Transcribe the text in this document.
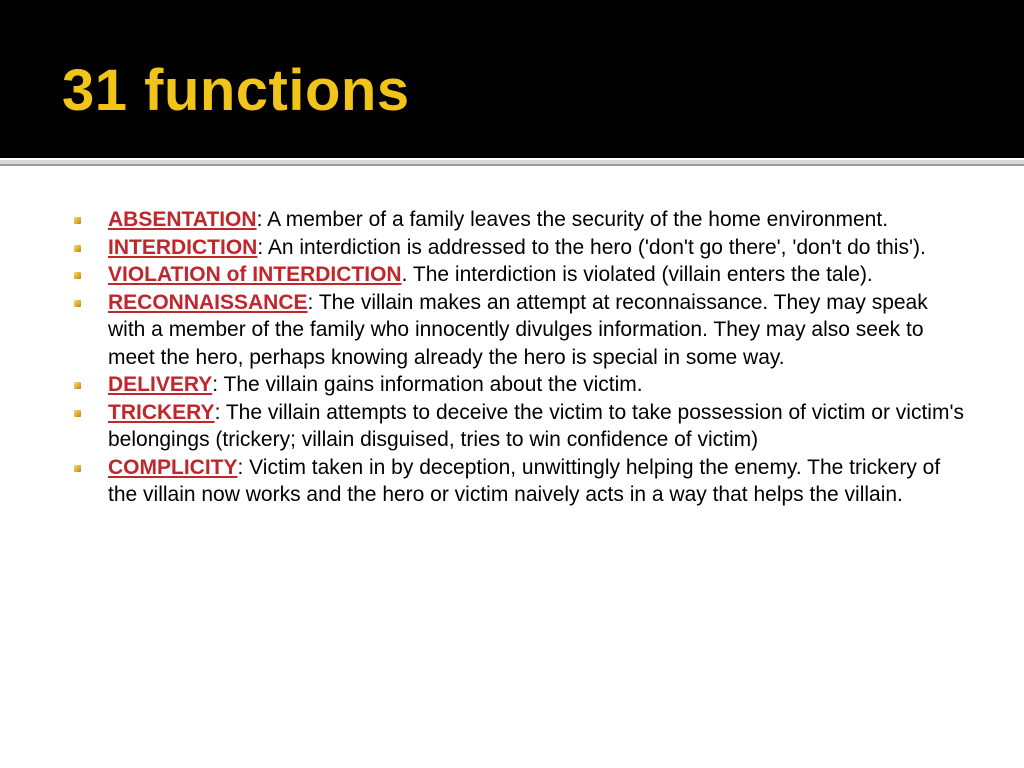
31 functions
ABSENTATION: A member of a family leaves the security of the home environment.
INTERDICTION: An interdiction is addressed to the hero ('don't go there', 'don't do this').
VIOLATION of INTERDICTION. The interdiction is violated (villain enters the tale).
RECONNAISSANCE: The villain makes an attempt at reconnaissance. They may speak with a member of the family who innocently divulges information. They may also seek to meet the hero, perhaps knowing already the hero is special in some way.
DELIVERY: The villain gains information about the victim.
TRICKERY: The villain attempts to deceive the victim to take possession of victim or victim's belongings (trickery; villain disguised, tries to win confidence of victim)
COMPLICITY: Victim taken in by deception, unwittingly helping the enemy. The trickery of the villain now works and the hero or victim naively acts in a way that helps the villain.
